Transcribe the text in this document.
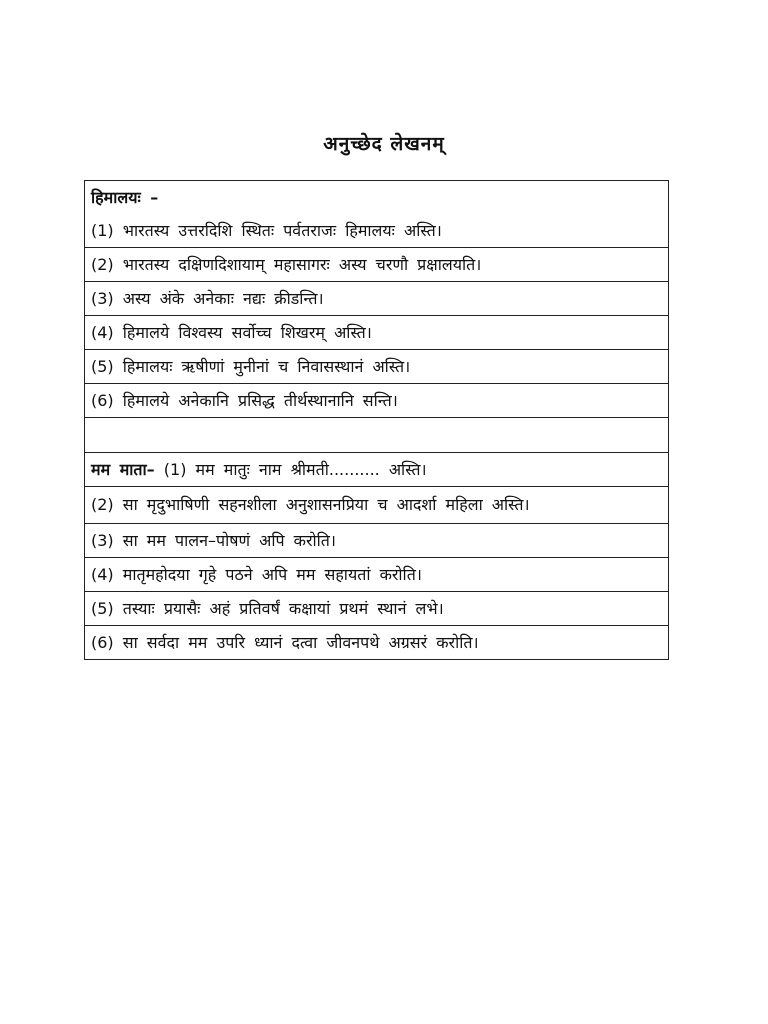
अनुच्छेद लेखनम्
हिमालयः –
(1) भारतस्य उत्तरदिशि स्थितः पर्वतराजः हिमालयः अस्ति।
(2) भारतस्य दक्षिणदिशायाम् महासागरः अस्य चरणौ प्रक्षालयति।
(3) अस्य अंके अनेकाः नद्यः क्रीडन्ति।
(4) हिमालये विश्वस्य सर्वोच्च शिखरम् अस्ति।
(5) हिमालयः ऋषीणां मुनीनां च निवासस्थानं अस्ति।
(6) हिमालये अनेकानि प्रसिद्ध तीर्थस्थानानि सन्ति।
मम माता– (1) मम मातुः नाम श्रीमती.......... अस्ति।
(2) सा मृदुभाषिणी सहनशीला अनुशासनप्रिया च आदर्शा महिला अस्ति।
(3) सा मम पालन–पोषणं अपि करोति।
(4) मातृमहोदया गृहे पठने अपि मम सहायतां करोति।
(5) तस्याः प्रयासैः अहं प्रतिवर्षं कक्षायां प्रथमं स्थानं लभे।
(6) सा सर्वदा मम उपरि ध्यानं दत्वा जीवनपथे अग्रसरं करोति।
